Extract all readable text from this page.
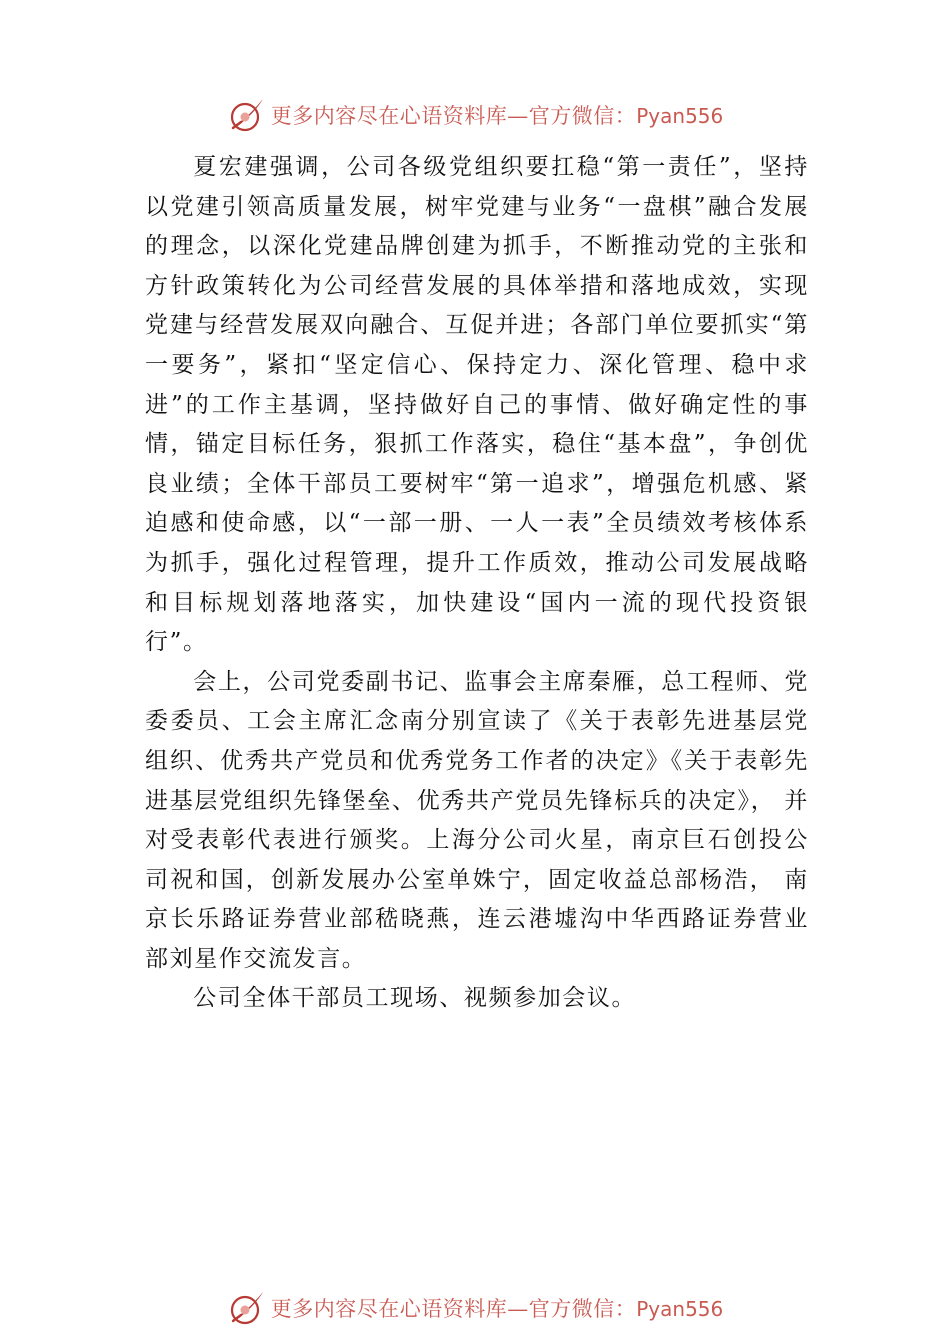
更多内容尽在心语资料库—官方微信：Pyan556

夏宏建强调，公司各级党组织要扛稳“第一责任”，坚持以党建引领高质量发展，树牢党建与业务“一盘棋”融合发展的理念，以深化党建品牌创建为抓手，不断推动党的主张和方针政策转化为公司经营发展的具体举措和落地成效，实现党建与经营发展双向融合、互促并进；各部门单位要抓实“第一要务”，紧扣“坚定信心、保持定力、深化管理、稳中求进”的工作主基调，坚持做好自己的事情、做好确定性的事情，锚定目标任务，狠抓工作落实，稳住“基本盘”，争创优良业绩；全体干部员工要树牢“第一追求”，增强危机感、紧迫感和使命感，以“一部一册、一人一表”全员绩效考核体系为抓手，强化过程管理，提升工作质效，推动公司发展战略和目标规划落地落实，加快建设“国内一流的现代投资银行”。

会上，公司党委副书记、监事会主席秦雁，总工程师、党委委员、工会主席汇念南分别宣读了《关于表彰先进基层党组织、优秀共产党员和优秀党务工作者的决定》《关于表彰先进基层党组织先锋堡垒、优秀共产党员先锋标兵的决定》， 并对受表彰代表进行颁奖。上海分公司火星，南京巨石创投公司祝和国，创新发展办公室单姝宁，固定收益总部杨浩， 南京长乐路证券营业部嵇晓燕，连云港墟沟中华西路证券营业部刘星作交流发言。

公司全体干部员工现场、视频参加会议。

更多内容尽在心语资料库—官方微信：Pyan556
